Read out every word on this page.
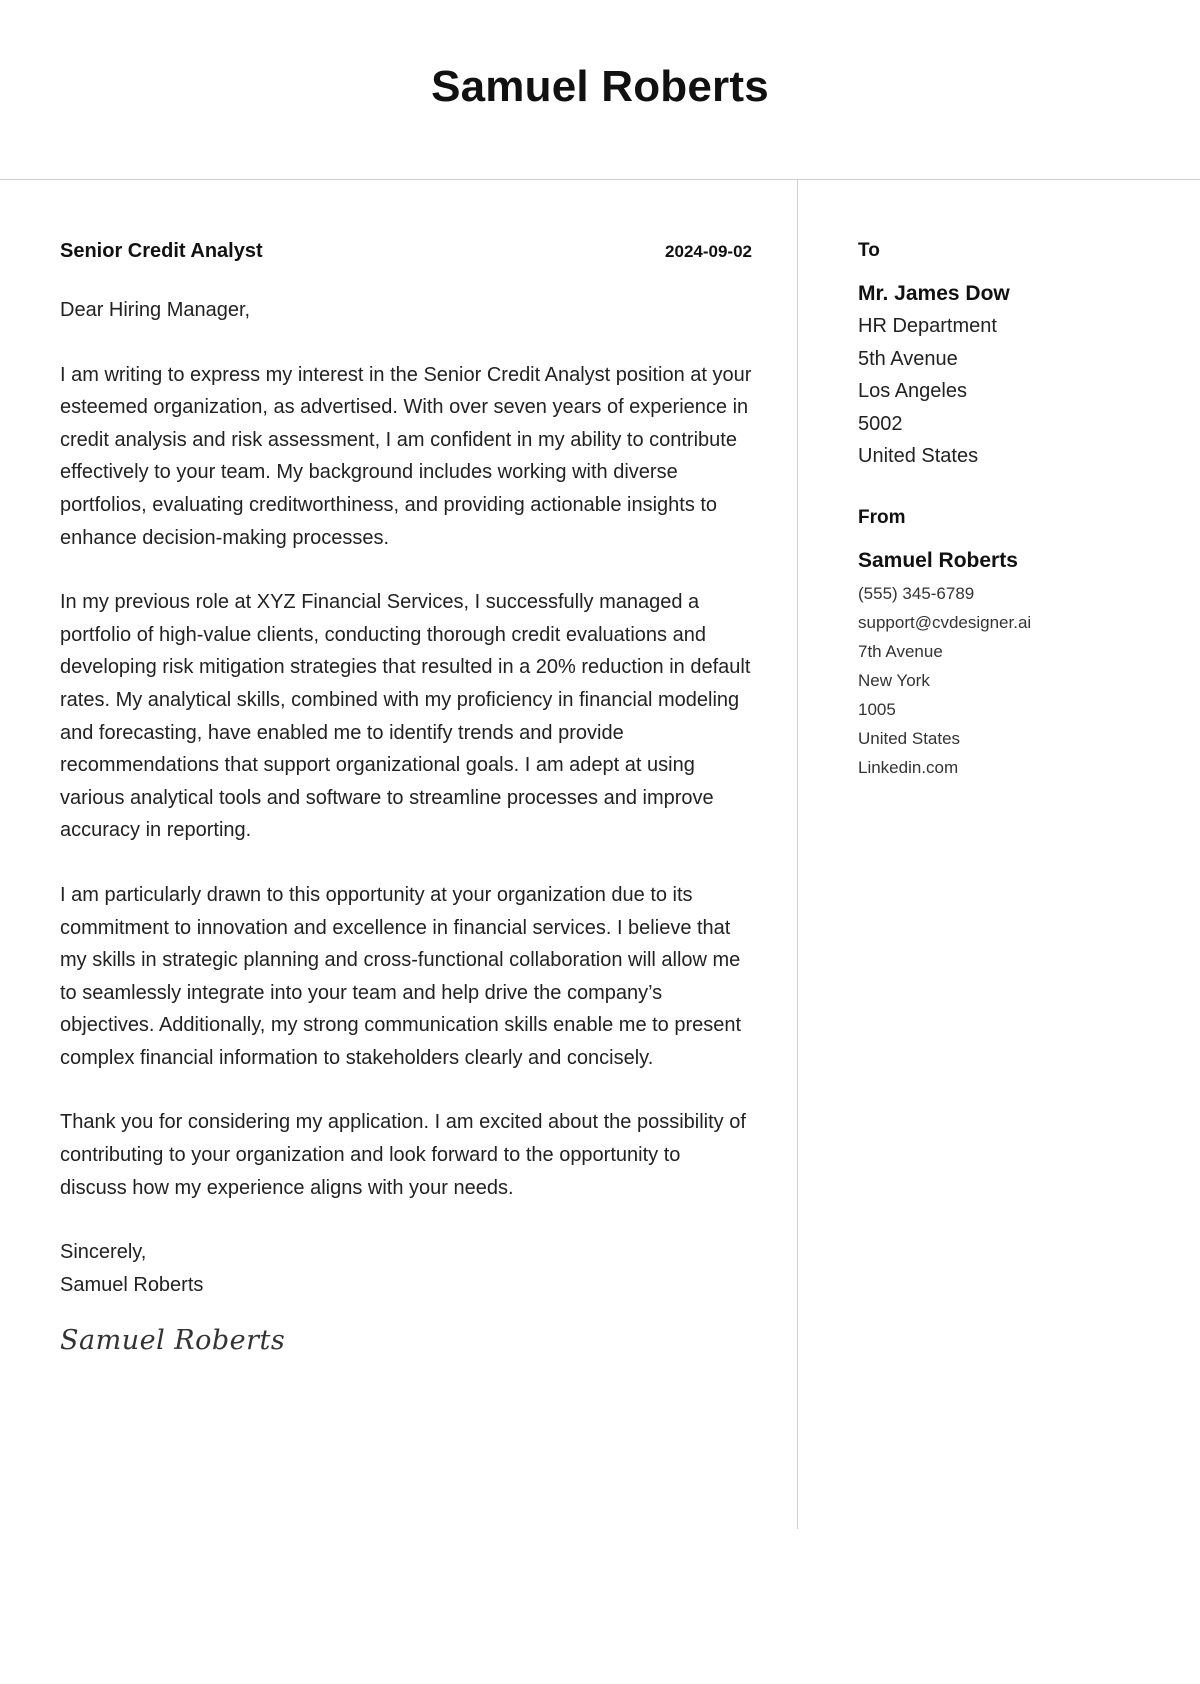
Samuel Roberts
Senior Credit Analyst	2024-09-02

Dear Hiring Manager,

I am writing to express my interest in the Senior Credit Analyst position at your esteemed organization, as advertised. With over seven years of experience in credit analysis and risk assessment, I am confident in my ability to contribute effectively to your team. My background includes working with diverse portfolios, evaluating creditworthiness, and providing actionable insights to enhance decision-making processes.

In my previous role at XYZ Financial Services, I successfully managed a portfolio of high-value clients, conducting thorough credit evaluations and developing risk mitigation strategies that resulted in a 20% reduction in default rates. My analytical skills, combined with my proficiency in financial modeling and forecasting, have enabled me to identify trends and provide recommendations that support organizational goals. I am adept at using various analytical tools and software to streamline processes and improve accuracy in reporting.

I am particularly drawn to this opportunity at your organization due to its commitment to innovation and excellence in financial services. I believe that my skills in strategic planning and cross-functional collaboration will allow me to seamlessly integrate into your team and help drive the company’s objectives. Additionally, my strong communication skills enable me to present complex financial information to stakeholders clearly and concisely.

Thank you for considering my application. I am excited about the possibility of contributing to your organization and look forward to the opportunity to discuss how my experience aligns with your needs.

Sincerely,
Samuel Roberts
Samuel Roberts
To
Mr. James Dow
HR Department
5th Avenue
Los Angeles
5002
United States
From
Samuel Roberts
(555) 345-6789
support@cvdesigner.ai
7th Avenue
New York
1005
United States
Linkedin.com
